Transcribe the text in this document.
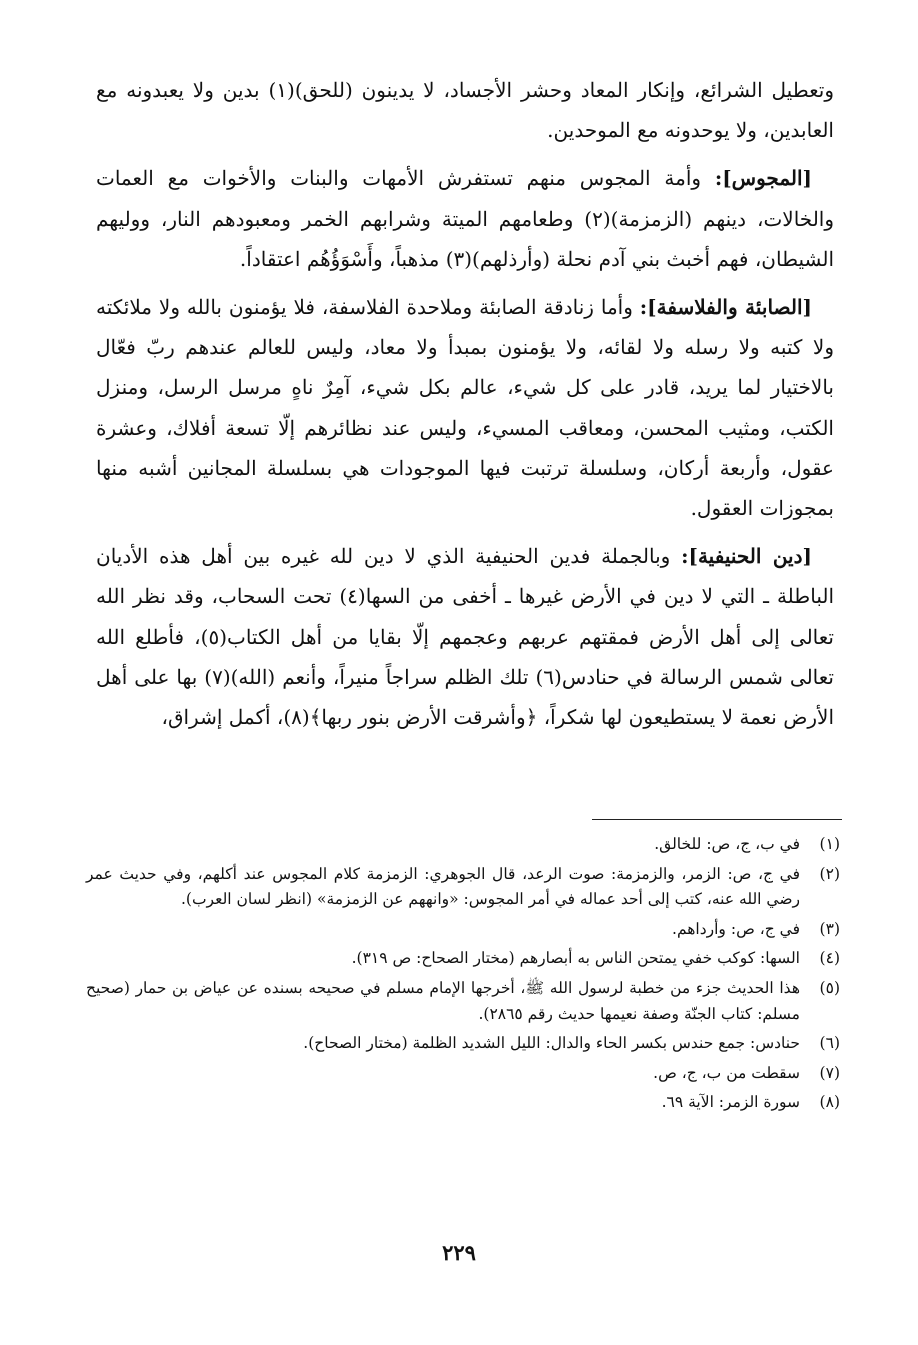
وتعطيل الشرائع، وإنكار المعاد وحشر الأجساد، لا يدينون (للحق)(١) بدين ولا يعبدونه مع العابدين، ولا يوحدونه مع الموحدين.

[المجوس]: وأمة المجوس منهم تستفرش الأمهات والبنات والأخوات مع العمات والخالات، دينهم (الزمزمة)(٢) وطعامهم الميتة وشرابهم الخمر ومعبودهم النار، ووليهم الشيطان، فهم أخبث بني آدم نحلة (وأرذلهم)(٣) مذهباً، وأَسْوَؤُهُم اعتقاداً.

[الصابئة والفلاسفة]: وأما زنادقة الصابئة وملاحدة الفلاسفة، فلا يؤمنون بالله ولا ملائكته ولا كتبه ولا رسله ولا لقائه، ولا يؤمنون بمبدأ ولا معاد، وليس للعالم عندهم ربّ فعّال بالاختيار لما يريد، قادر على كل شيء، عالم بكل شيء، آمِرٌ ناهٍ مرسل الرسل، ومنزل الكتب، ومثيب المحسن، ومعاقب المسيء، وليس عند نظائرهم إلّا تسعة أفلاك، وعشرة عقول، وأربعة أركان، وسلسلة ترتبت فيها الموجودات هي بسلسلة المجانين أشبه منها بمجوزات العقول.

[دين الحنيفية]: وبالجملة فدين الحنيفية الذي لا دين لله غيره بين أهل هذه الأديان الباطلة ـ التي لا دين في الأرض غيرها ـ أخفى من السها(٤) تحت السحاب، وقد نظر الله تعالى إلى أهل الأرض فمقتهم عربهم وعجمهم إلّا بقايا من أهل الكتاب(٥)، فأطلع الله تعالى شمس الرسالة في حنادس(٦) تلك الظلم سراجاً منيراً، وأنعم (الله)(٧) بها على أهل الأرض نعمة لا يستطيعون لها شكراً، ﴿وأشرقت الأرض بنور ربها﴾(٨)، أكمل إشراق،

(١)
في ب، ج، ص: للخالق.
(٢)
في ج، ص: الزمر، والزمزمة: صوت الرعد، قال الجوهري: الزمزمة كلام المجوس عند أكلهم، وفي حديث عمر رضي الله عنه، كتب إلى أحد عماله في أمر المجوس: «وانههم عن الزمزمة» (انظر لسان العرب).
(٣)
في ج، ص: وأرداهم.
(٤)
السها: كوكب خفي يمتحن الناس به أبصارهم (مختار الصحاح: ص ٣١٩).
(٥)
هذا الحديث جزء من خطبة لرسول الله ﷺ، أخرجها الإمام مسلم في صحيحه بسنده عن عياض بن حمار (صحيح مسلم: كتاب الجنّة وصفة نعيمها حديث رقم ٢٨٦٥).
(٦)
حنادس: جمع حندس بكسر الحاء والدال: الليل الشديد الظلمة (مختار الصحاح).
(٧)
سقطت من ب، ج، ص.
(٨)
سورة الزمر: الآية ٦٩.
٢٢٩
